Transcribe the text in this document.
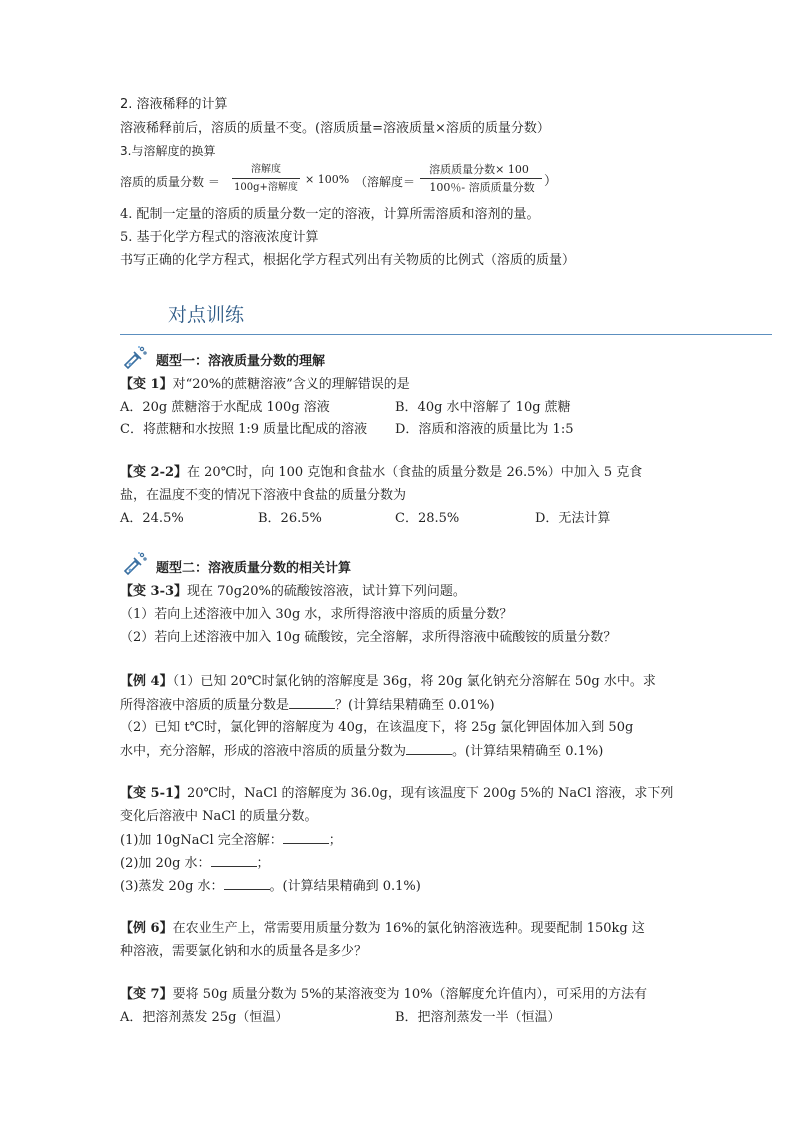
2. 溶液稀释的计算
溶液稀释前后，溶质的质量不变。(溶质质量=溶液质量×溶质的质量分数）
3.与溶解度的换算
溶质的质量分数 ＝
溶解度
100g+溶解度
× 100% （溶解度＝
溶质质量分数× 100
100％- 溶质质量分数 ）
4. 配制一定量的溶质的质量分数一定的溶液，计算所需溶质和溶剂的量。
5. 基于化学方程式的溶液浓度计算
书写正确的化学方程式，根据化学方程式列出有关物质的比例式（溶质的质量）
对点训练
题型一：溶液质量分数的理解
【变 1】对“20%的蔗糖溶液”含义的理解错误的是
A．20g 蔗糖溶于水配成 100g 溶液	B．40g 水中溶解了 10g 蔗糖
C．将蔗糖和水按照 1:9 质量比配成的溶液 D．溶质和溶液的质量比为 1:5
【变 2-2】在 20℃时，向 100 克饱和食盐水（食盐的质量分数是 26.5%）中加入 5 克食
盐，在温度不变的情况下溶液中食盐的质量分数为
A．24.5%	B．26.5%	C．28.5%	D．无法计算
题型二：溶液质量分数的相关计算
【变 3-3】现在 70g20%的硫酸铵溶液，试计算下列问题。
（1）若向上述溶液中加入 30g 水，求所得溶液中溶质的质量分数？
（2）若向上述溶液中加入 10g 硫酸铵，完全溶解，求所得溶液中硫酸铵的质量分数？
【例 4】（1）已知 20℃时氯化钠的溶解度是 36g，将 20g 氯化钠充分溶解在 50g 水中。求
所得溶液中溶质的质量分数是	？(计算结果精确至 0.01%)
（2）已知 t℃时，氯化钾的溶解度为 40g，在该温度下，将 25g 氯化钾固体加入到 50g
水中，充分溶解，形成的溶液中溶质的质量分数为	。(计算结果精确至 0.1%)
【变 5-1】20℃时，NaCl 的溶解度为 36.0g，现有该温度下 200g 5%的 NaCl 溶液，求下列
变化后溶液中 NaCl 的质量分数。
(1)加 10gNaCl 完全溶解：	；
(2)加 20g 水：	；
(3)蒸发 20g 水：	。(计算结果精确到 0.1%)
【例 6】在农业生产上，常需要用质量分数为 16%的氯化钠溶液选种。现要配制 150kg 这
种溶液，需要氯化钠和水的质量各是多少？
【变 7】要将 50g 质量分数为 5%的某溶液变为 10%（溶解度允许值内），可采用的方法有
A．把溶剂蒸发 25g（恒温）	B．把溶剂蒸发一半（恒温）
